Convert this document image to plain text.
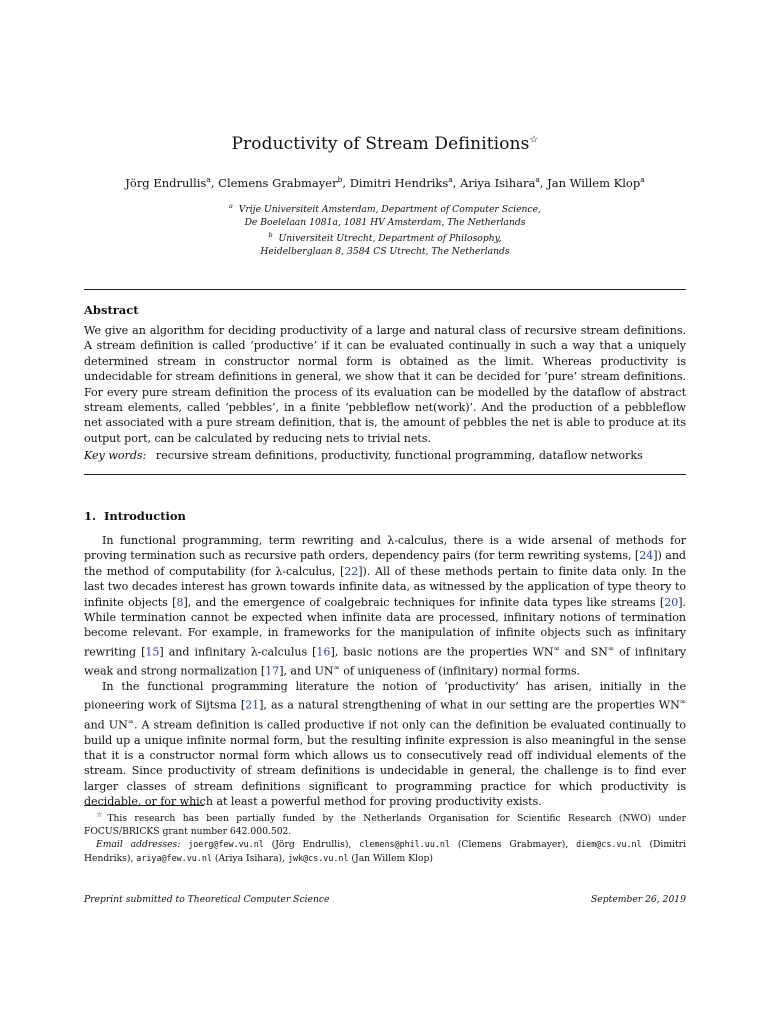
Productivity of Stream Definitions☆
Jörg Endrullis$^a$, Clemens Grabmayer$^b$, Dimitri Hendriks$^a$, Ariya Isihara$^a$, Jan Willem Klop$^a$
$^a$ Vrije Universiteit Amsterdam, Department of Computer Science,
De Boelelaan 1081a, 1081 HV Amsterdam, The Netherlands
$^b$ Universiteit Utrecht, Department of Philosophy,
Heidelberglaan 8, 3584 CS Utrecht, The Netherlands
Abstract
We give an algorithm for deciding productivity of a large and natural class of recursive stream definitions. A stream definition is called ‘productive’ if it can be evaluated continually in such a way that a uniquely determined stream in constructor normal form is obtained as the limit. Whereas productivity is undecidable for stream definitions in general, we show that it can be decided for ‘pure’ stream definitions. For every pure stream definition the process of its evaluation can be modelled by the dataflow of abstract stream elements, called ‘pebbles’, in a finite ‘pebbleflow net(work)’. And the production of a pebbleflow net associated with a pure stream definition, that is, the amount of pebbles the net is able to produce at its output port, can be calculated by reducing nets to trivial nets.
Key words: recursive stream definitions, productivity, functional programming, dataflow networks
1. Introduction

In functional programming, term rewriting and λ-calculus, there is a wide arsenal of methods for proving termination such as recursive path orders, dependency pairs (for term rewriting systems, [24]) and the method of computability (for λ-calculus, [22]). All of these methods pertain to finite data only. In the last two decades interest has grown towards infinite data, as witnessed by the application of type theory to infinite objects [8], and the emergence of coalgebraic techniques for infinite data types like streams [20]. While termination cannot be expected when infinite data are processed, infinitary notions of termination become relevant. For example, in frameworks for the manipulation of infinite objects such as infinitary rewriting [15] and infinitary λ-calculus [16], basic notions are the properties WN∞ and SN∞ of infinitary weak and strong normalization [17], and UN∞ of uniqueness of (infinitary) normal forms.

In the functional programming literature the notion of ‘productivity’ has arisen, initially in the pioneering work of Sijtsma [21], as a natural strengthening of what in our setting are the properties WN∞ and UN∞. A stream definition is called productive if not only can the definition be evaluated continually to build up a unique infinite normal form, but the resulting infinite expression is also meaningful in the sense that it is a constructor normal form which allows us to consecutively read off individual elements of the stream. Since productivity of stream definitions is undecidable in general, the challenge is to find ever larger classes of stream definitions significant to programming practice for which productivity is decidable, or for which at least a powerful method for proving productivity exists.

☆This research has been partially funded by the Netherlands Organisation for Scientific Research (NWO) under FOCUS/BRICKS grant number 642.000.502.

Email addresses: joerg@few.vu.nl (Jörg Endrullis), clemens@phil.uu.nl (Clemens Grabmayer), diem@cs.vu.nl (Dimitri Hendriks), ariya@few.vu.nl (Ariya Isihara), jwk@cs.vu.nl (Jan Willem Klop)

Preprint submitted to Theoretical Computer Science	September 26, 2019
